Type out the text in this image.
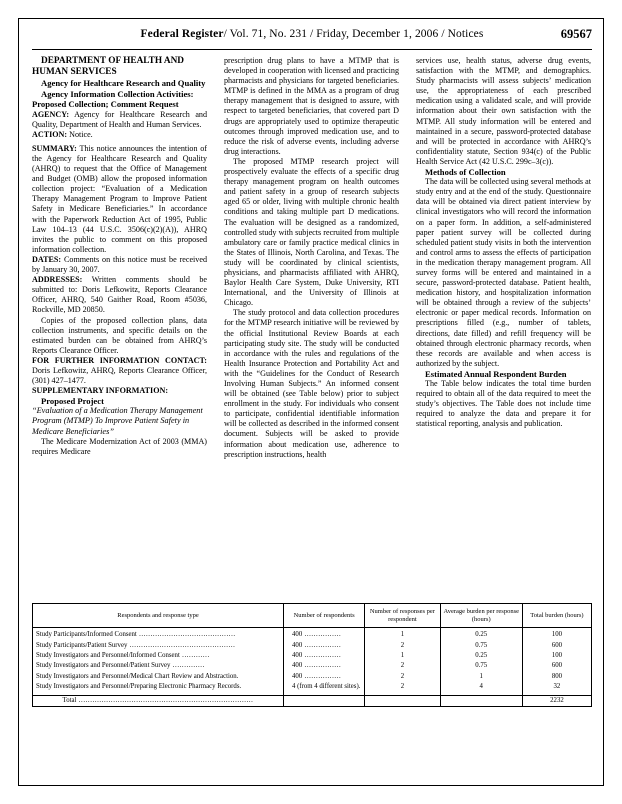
Federal Register/ Vol. 71, No. 231 / Friday, December 1, 2006 / Notices	69567

DEPARTMENT OF HEALTH AND HUMAN SERVICES

Agency for Healthcare Research and Quality

Agency Information Collection Activities: Proposed Collection; Comment Request

AGENCY: Agency for Healthcare Research and Quality, Department of Health and Human Services.

ACTION: Notice.

SUMMARY: This notice announces the intention of the Agency for Healthcare Research and Quality (AHRQ) to request that the Office of Management and Budget (OMB) allow the proposed information collection project: “Evaluation of a Medication Therapy Management Program to Improve Patient Safety in Medicare Beneficiaries.” In accordance with the Paperwork Reduction Act of 1995, Public Law 104–13 (44 U.S.C. 3506(c)(2)(A)), AHRQ invites the public to comment on this proposed information collection.

DATES: Comments on this notice must be received by January 30, 2007.

ADDRESSES: Written comments should be submitted to: Doris Lefkowitz, Reports Clearance Officer, AHRQ, 540 Gaither Road, Room #5036, Rockville, MD 20850.

Copies of the proposed collection plans, data collection instruments, and specific details on the estimated burden can be obtained from AHRQ’s Reports Clearance Officer.

FOR FURTHER INFORMATION CONTACT: Doris Lefkowitz, AHRQ, Reports Clearance Officer, (301) 427–1477.

SUPPLEMENTARY INFORMATION:

Proposed Project

“Evaluation of a Medication Therapy Management Program (MTMP) To Improve Patient Safety in Medicare Beneficiaries”

The Medicare Modernization Act of 2003 (MMA) requires Medicare

prescription drug plans to have a MTMP that is developed in cooperation with licensed and practicing pharmacists and physicians for targeted beneficiaries. MTMP is defined in the MMA as a program of drug therapy management that is designed to assure, with respect to targeted beneficiaries, that covered part D drugs are appropriately used to optimize therapeutic outcomes through improved medication use, and to reduce the risk of adverse events, including adverse drug interactions.

The proposed MTMP research project will prospectively evaluate the effects of a specific drug therapy management program on health outcomes and patient safety in a group of research subjects aged 65 or older, living with multiple chronic health conditions and taking multiple part D medications. The evaluation will be designed as a randomized, controlled study with subjects recruited from multiple ambulatory care or family practice medical clinics in the States of Illinois, North Carolina, and Texas. The study will be coordinated by clinical scientists, physicians, and pharmacists affiliated with AHRQ, Baylor Health Care System, Duke University, RTI International, and the University of Illinois at Chicago.

The study protocol and data collection procedures for the MTMP research initiative will be reviewed by the official Institutional Review Boards at each participating study site. The study will be conducted in accordance with the rules and regulations of the Health Insurance Protection and Portability Act and with the “Guidelines for the Conduct of Research Involving Human Subjects.” An informed consent will be obtained (see Table below) prior to subject enrollment in the study. For individuals who consent to participate, confidential identifiable information will be collected as described in the informed consent document. Subjects will be asked to provide information about medication use, adherence to prescription instructions, health

services use, health status, adverse drug events, satisfaction with the MTMP, and demographics. Study pharmacists will assess subjects’ medication use, the appropriateness of each prescribed medication using a validated scale, and will provide information about their own satisfaction with the MTMP. All study information will be entered and maintained in a secure, password-protected database and will be protected in accordance with AHRQ’s confidentiality statute, Section 934(c) of the Public Health Service Act (42 U.S.C. 299c–3(c)).

Methods of Collection

The data will be collected using several methods at study entry and at the end of the study. Questionnaire data will be obtained via direct patient interview by clinical investigators who will record the information on a paper form. In addition, a self-administered paper patient survey will be collected during scheduled patient study visits in both the intervention and control arms to assess the effects of participation in the medication therapy management program. All survey forms will be entered and maintained in a secure, password-protected database. Patient health, medication history, and hospitalization information will be obtained through a review of the subjects’ electronic or paper medical records. Information on prescriptions filled (e.g., number of tablets, directions, date filled) and refill frequency will be obtained through electronic pharmacy records, when these records are available and when access is authorized by the subject.

Estimated Annual Respondent Burden

The Table below indicates the total time burden required to obtain all of the data required to meet the study’s objectives. The Table does not include time required to analyze the data and prepare it for statistical reporting, analysis and publication.

Respondents and response type	Number of respondents	Number of responses per respondent	Average burden per response (hours)	Total burden (hours)
Study Participants/Informed Consent ..........................................	400 ................	1	0.25	100
Study Participants/Patient Survey ..............................................	400 ................	2	0.75	600
Study Investigators and Personnel/Informed Consent ............	400 ................	1	0.25	100
Study Investigators and Personnel/Patient Survey ..............	400 ................	2	0.75	600
Study Investigators and Personnel/Medical Chart Review and Abstraction.	400 ................	2	1	800
Study Investigators and Personnel/Preparing Electronic Pharmacy Records.	4 (from 4 different sites).	2	4	32
Total ............................................................................				2232
